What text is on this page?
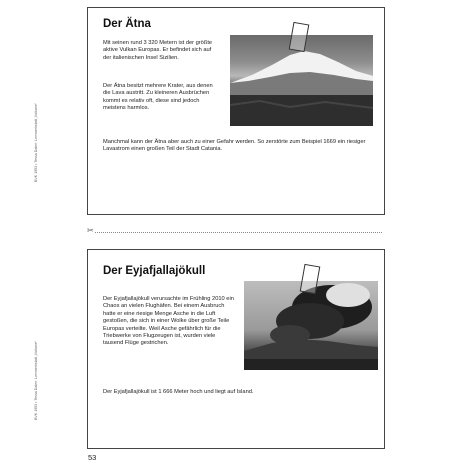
BVK 1953 • Tessa Dalen: Lernwerkstatt „Vulkane“
BVK 1953 • Tessa Dalen: Lernwerkstatt „Vulkane“
Der Ätna

Mit seinen rund 3 320 Metern ist der größte aktive Vulkan Europas. Er befindet sich auf der italienischen Insel Sizilien.

Der Ätna besitzt mehrere Krater, aus denen die Lava austritt. Zu kleineren Ausbrüchen kommt es relativ oft, diese sind jedoch meistens harmlos.

Manchmal kann der Ätna aber auch zu einer Gefahr werden. So zerstörte zum Beispiel 1669 ein riesiger Lavastrom einen großen Teil der Stadt Catania.

✂
Der Eyjafjallajökull

Der Eyjafjallajökull verursachte im Frühling 2010 ein Chaos an vielen Flughäfen. Bei einem Ausbruch hatte er eine riesige Menge Asche in die Luft gestoßen, die sich in einer Wolke über große Teile Europas verteilte. Weil Asche gefährlich für die Triebwerke von Flugzeugen ist, wurden viele tausend Flüge gestrichen.

Der Eyjafjallajökull ist 1 666 Meter hoch und liegt auf Island.

53
